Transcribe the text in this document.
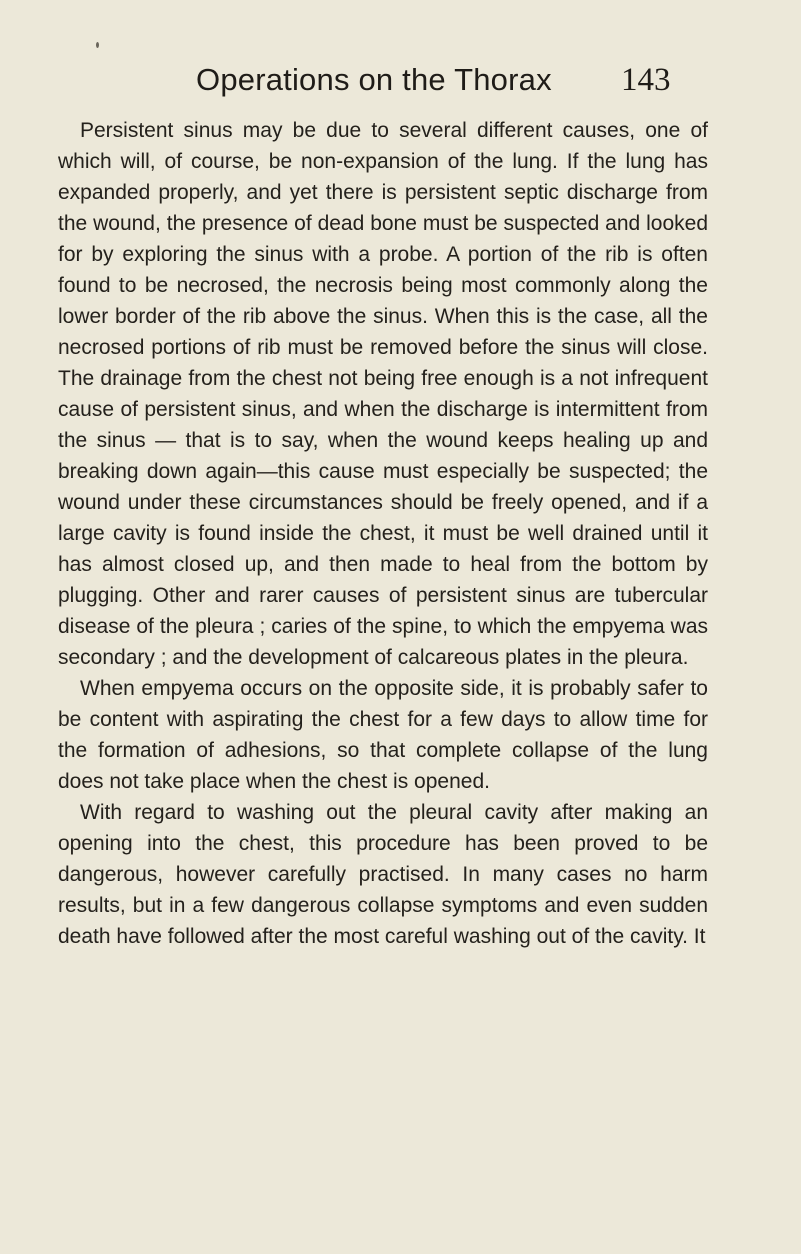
Operations on the Thorax 143

Persistent sinus may be due to several different causes, one of which will, of course, be non-expansion of the lung. If the lung has expanded properly, and yet there is persistent septic discharge from the wound, the presence of dead bone must be suspected and looked for by exploring the sinus with a probe. A portion of the rib is often found to be necrosed, the necrosis being most commonly along the lower border of the rib above the sinus. When this is the case, all the necrosed portions of rib must be removed before the sinus will close. The drainage from the chest not being free enough is a not infrequent cause of persistent sinus, and when the discharge is intermittent from the sinus — that is to say, when the wound keeps healing up and breaking down again—this cause must especially be suspected; the wound under these circumstances should be freely opened, and if a large cavity is found inside the chest, it must be well drained until it has almost closed up, and then made to heal from the bottom by plugging. Other and rarer causes of persistent sinus are tubercular disease of the pleura ; caries of the spine, to which the empyema was secondary ; and the development of calcareous plates in the pleura.

When empyema occurs on the opposite side, it is probably safer to be content with aspirating the chest for a few days to allow time for the formation of adhesions, so that complete collapse of the lung does not take place when the chest is opened.

With regard to washing out the pleural cavity after making an opening into the chest, this procedure has been proved to be dangerous, however carefully practised. In many cases no harm results, but in a few dangerous collapse symptoms and even sudden death have followed after the most careful washing out of the cavity. It
